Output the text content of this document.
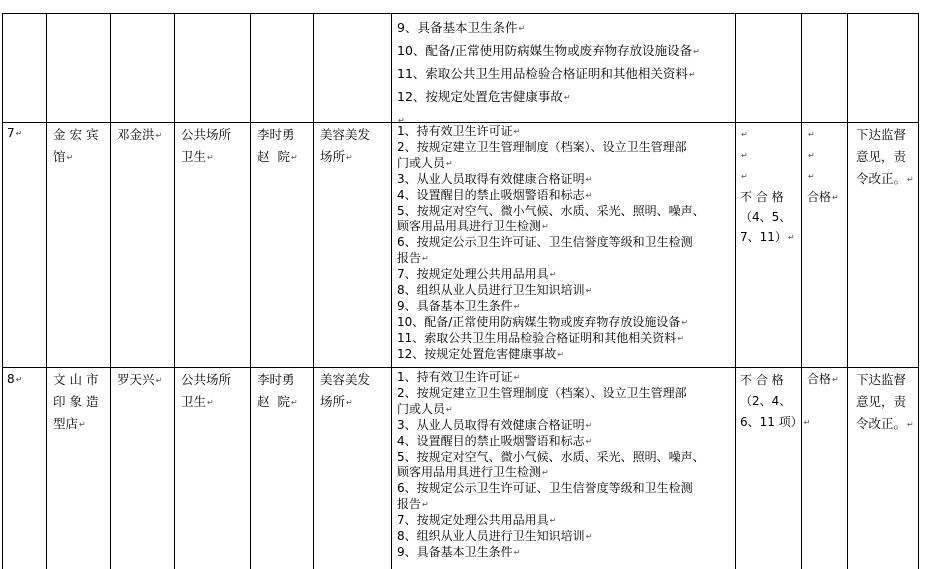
9、具备基本卫生条件↵
10、配备/正常使用防病媒生物或废弃物存放设施设备↵
11、索取公共卫生用品检验合格证明和其他相关资料↵
12、按规定处置危害健康事故↵
↵
7↵ 金 宏 宾
馆↵
邓金洪↵ 公共场所
卫生↵
李时勇
赵  院↵
美容美发
场所↵
1、持有效卫生许可证↵
2、按规定建立卫生管理制度（档案）、设立卫生管理部
门或人员↵
3、从业人员取得有效健康合格证明↵
4、设置醒目的禁止吸烟警语和标志↵
5、按规定对空气、微小气候、水质、采光、照明、噪声、
顾客用品用具进行卫生检测↵
6、按规定公示卫生许可证、卫生信誉度等级和卫生检测
报告↵
7、按规定处理公共用品用具↵
8、组织从业人员进行卫生知识培训↵
9、具备基本卫生条件↵
10、配备/正常使用防病媒生物或废弃物存放设施设备↵
11、索取公共卫生用品检验合格证明和其他相关资料↵
12、按规定处置危害健康事故↵
↵
↵
↵
不 合 格
（4、5、
7、11）↵
↵
↵
↵
合格↵
下达监督
意见，责
令改正。↵
8↵ 文 山 市
印 象 造
型店↵
罗天兴↵ 公共场所
卫生↵
李时勇
赵  院↵
美容美发
场所↵
1、持有效卫生许可证↵
2、按规定建立卫生管理制度（档案）、设立卫生管理部
门或人员↵
3、从业人员取得有效健康合格证明↵
4、设置醒目的禁止吸烟警语和标志↵
5、按规定对空气、微小气候、水质、采光、照明、噪声、
顾客用品用具进行卫生检测↵
6、按规定公示卫生许可证、卫生信誉度等级和卫生检测
报告↵
7、按规定处理公共用品用具↵
8、组织从业人员进行卫生知识培训↵
9、具备基本卫生条件↵
不 合 格
（2、4、
6、11 项）↵
合格↵ 下达监督
意见，责
令改正。↵
